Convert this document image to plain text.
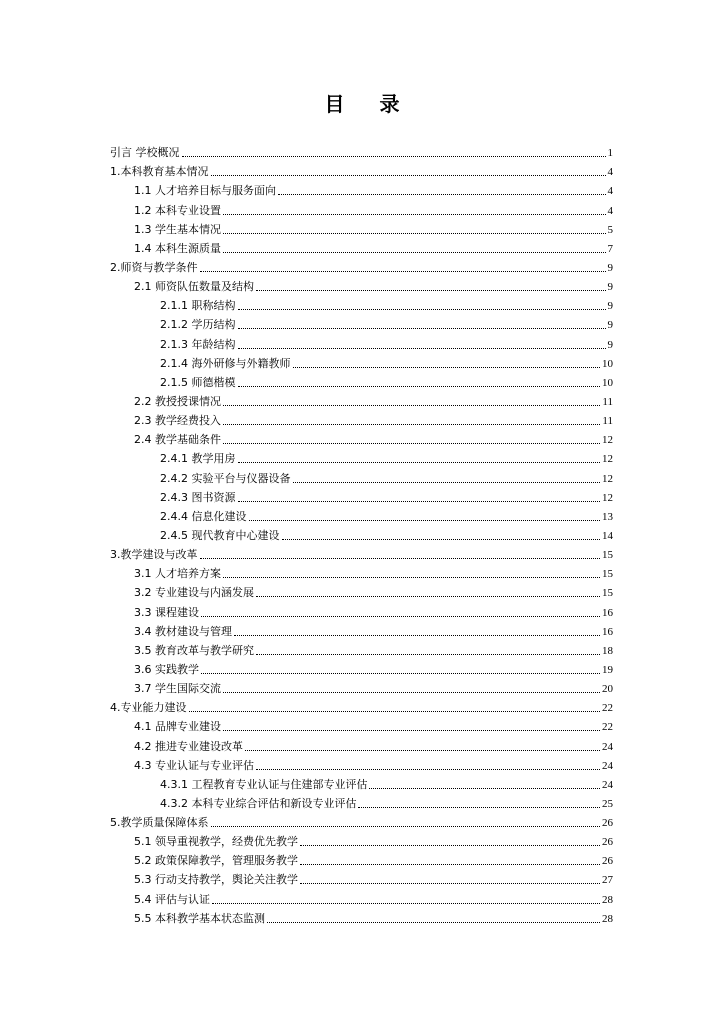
目 录
引言 学校概况	1
1.本科教育基本情况	4
1.1 人才培养目标与服务面向	4
1.2 本科专业设置	4
1.3 学生基本情况	5
1.4 本科生源质量	7
2.师资与教学条件	9
2.1 师资队伍数量及结构	9
2.1.1 职称结构	9
2.1.2 学历结构	9
2.1.3 年龄结构	9
2.1.4 海外研修与外籍教师	10
2.1.5 师德楷模	10
2.2 教授授课情况	11
2.3 教学经费投入	11
2.4 教学基础条件	12
2.4.1 教学用房	12
2.4.2 实验平台与仪器设备	12
2.4.3 图书资源	12
2.4.4 信息化建设	13
2.4.5 现代教育中心建设	14
3.教学建设与改革	15
3.1 人才培养方案	15
3.2 专业建设与内涵发展	15
3.3 课程建设	16
3.4 教材建设与管理	16
3.5 教育改革与教学研究	18
3.6 实践教学	19
3.7 学生国际交流	20
4.专业能力建设	22
4.1 品牌专业建设	22
4.2 推进专业建设改革	24
4.3 专业认证与专业评估	24
4.3.1 工程教育专业认证与住建部专业评估	24
4.3.2 本科专业综合评估和新设专业评估	25
5.教学质量保障体系	26
5.1 领导重视教学，经费优先教学	26
5.2 政策保障教学，管理服务教学	26
5.3 行动支持教学，舆论关注教学	27
5.4 评估与认证	28
5.5 本科教学基本状态监测	28
